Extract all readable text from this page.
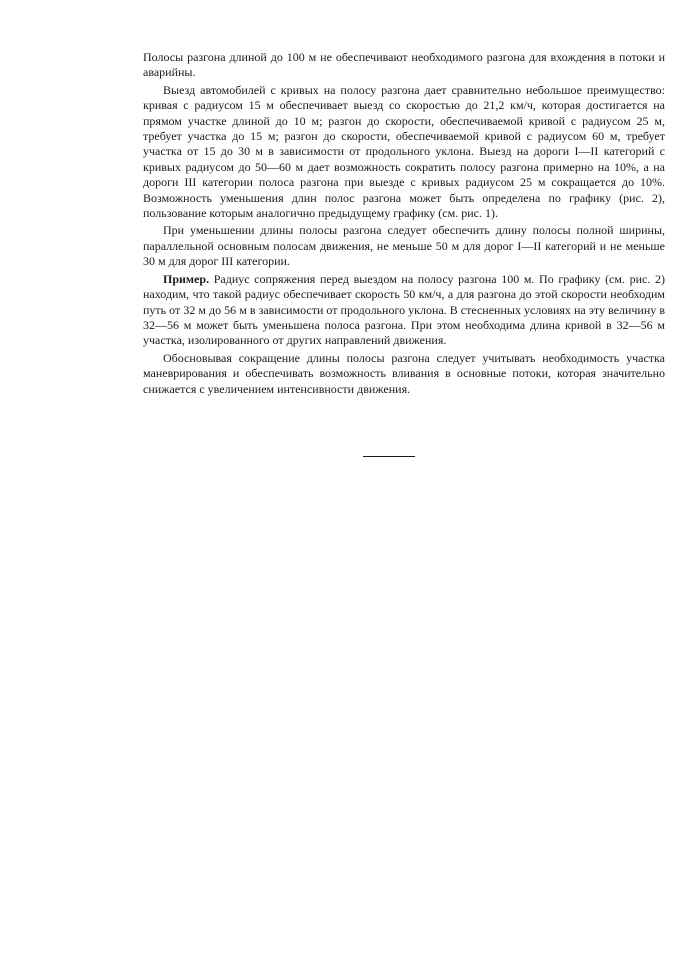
Полосы разгона длиной до 100 м не обеспечивают необходимого разгона для вхождения в потоки и аварийны.

Выезд автомобилей с кривых на полосу разгона дает сравнительно небольшое преимущество: кривая с радиусом 15 м обеспечивает выезд со скоростью до 21,2 км/ч, которая достигается на прямом участке длиной до 10 м; разгон до скорости, обеспечиваемой кривой с радиусом 25 м, требует участка до 15 м; разгон до скорости, обеспечиваемой кривой с радиусом 60 м, требует участка от 15 до 30 м в зависимости от продольного уклона. Выезд на дороги I—II категорий с кривых радиусом до 50—60 м дает возможность сократить полосу разгона примерно на 10%, а на дороги III категории полоса разгона при выезде с кривых радиусом 25 м сокращается до 10%. Возможность уменьшения длин полос разгона может быть определена по графику (рис. 2), пользование которым аналогично предыдущему графику (см. рис. 1).

При уменьшении длины полосы разгона следует обеспечить длину полосы полной ширины, параллельной основным полосам движения, не меньше 50 м для дорог I—II категорий и не меньше 30 м для дорог III категории.

Пример. Радиус сопряжения перед выездом на полосу разгона 100 м. По графику (см. рис. 2) находим, что такой радиус обеспечивает скорость 50 км/ч, а для разгона до этой скорости необходим путь от 32 м до 56 м в зависимости от продольного уклона. В стесненных условиях на эту величину в 32—56 м может быть уменьшена полоса разгона. При этом необходима длина кривой в 32—56 м участка, изолированного от других направлений движения.

Обосновывая сокращение длины полосы разгона следует учитывать необходимость участка маневрирования и обеспечивать возможность вливания в основные потоки, которая значительно снижается с увеличением интенсивности движения.
